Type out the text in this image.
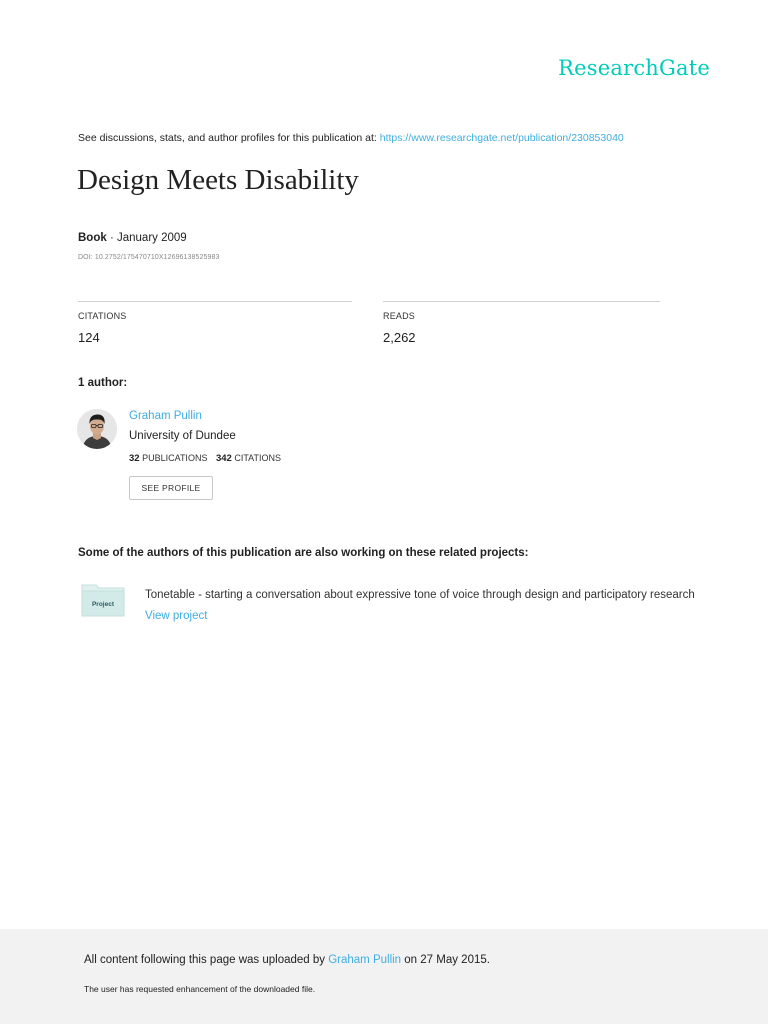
ResearchGate
See discussions, stats, and author profiles for this publication at: https://www.researchgate.net/publication/230853040
Design Meets Disability
Book · January 2009
DOI: 10.2752/175470710X12696138525983
CITATIONS
124
READS
2,262
1 author:
Graham Pullin
University of Dundee
32 PUBLICATIONS 342 CITATIONS
SEE PROFILE
Some of the authors of this publication are also working on these related projects:
Project
Tonetable - starting a conversation about expressive tone of voice through design and participatory research View project
All content following this page was uploaded by Graham Pullin on 27 May 2015.
The user has requested enhancement of the downloaded file.
